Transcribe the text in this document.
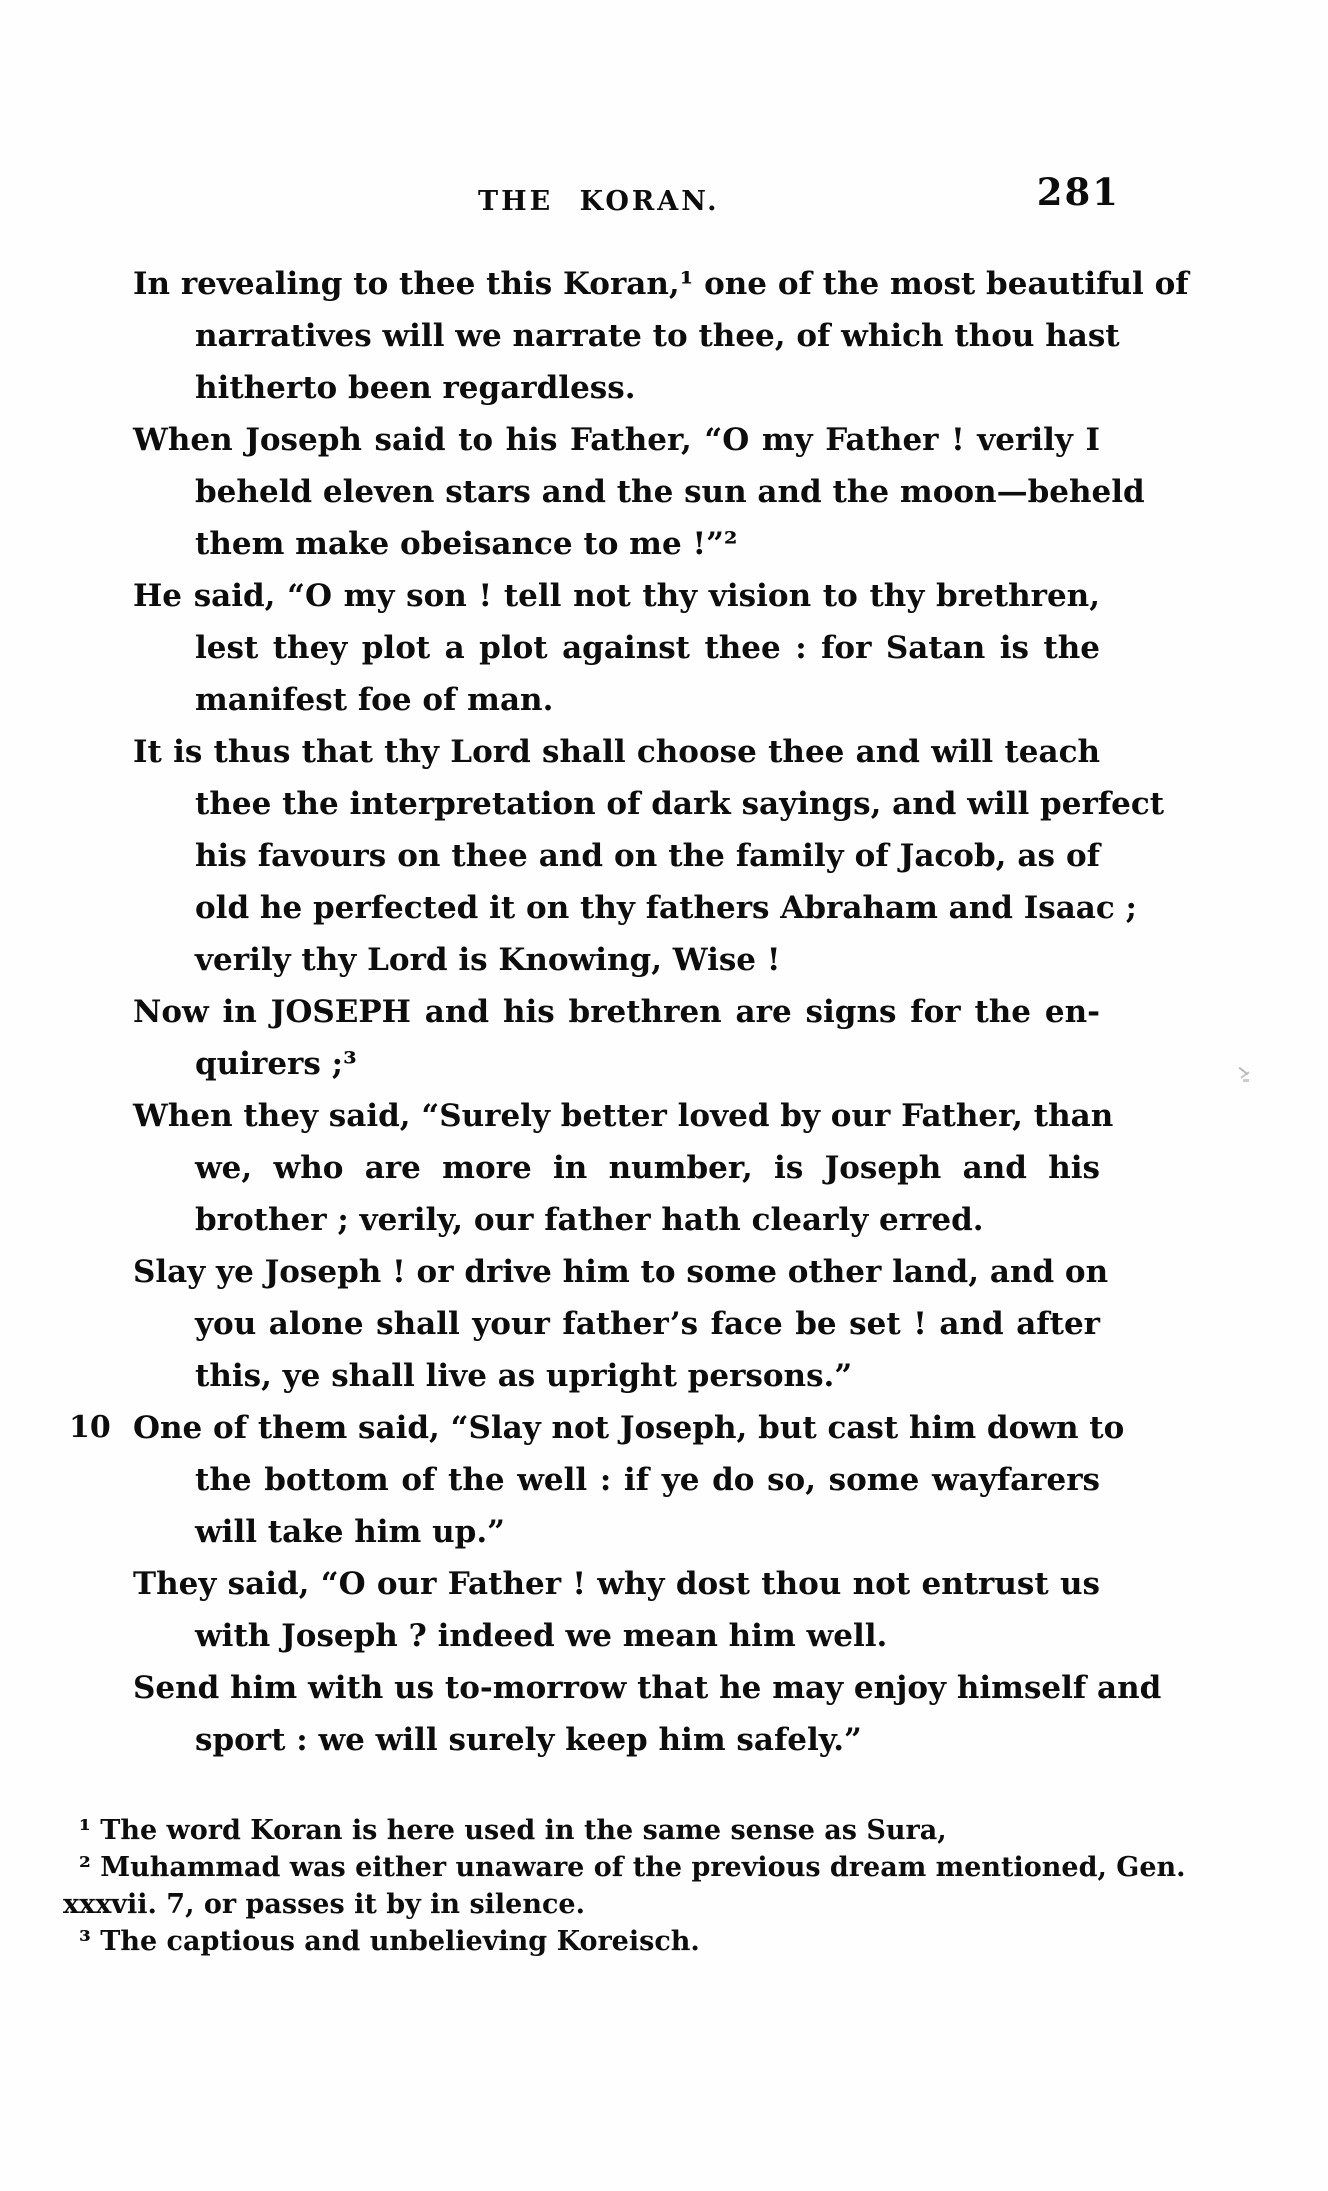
THE KORAN.	281
In revealing to thee this Koran,¹ one of the most beautiful of
narratives will we narrate to thee, of which thou hast
hitherto been regardless.
When Joseph said to his Father, “O my Father ! verily I
beheld eleven stars and the sun and the moon—beheld
them make obeisance to me !”²
He said, “O my son ! tell not thy vision to thy brethren,
lest they plot a plot against thee : for Satan is the
manifest foe of man.
It is thus that thy Lord shall choose thee and will teach
thee the interpretation of dark sayings, and will perfect
his favours on thee and on the family of Jacob, as of
old he perfected it on thy fathers Abraham and Isaac ;
verily thy Lord is Knowing, Wise !
Now in JOSEPH and his brethren are signs for the en-
quirers ;³
When they said, “Surely better loved by our Father, than
we, who are more in number, is Joseph and his
brother ; verily, our father hath clearly erred.
Slay ye Joseph ! or drive him to some other land, and on
you alone shall your father’s face be set ! and after
this, ye shall live as upright persons.”
10 One of them said, “Slay not Joseph, but cast him down to
the bottom of the well : if ye do so, some wayfarers
will take him up.”
They said, “O our Father ! why dost thou not entrust us
with Joseph ? indeed we mean him well.
Send him with us to-morrow that he may enjoy himself and
sport : we will surely keep him safely.”
¹ The word Koran is here used in the same sense as Sura,
² Muhammad was either unaware of the previous dream mentioned, Gen.
xxxvii. 7, or passes it by in silence.
³ The captious and unbelieving Koreisch.
